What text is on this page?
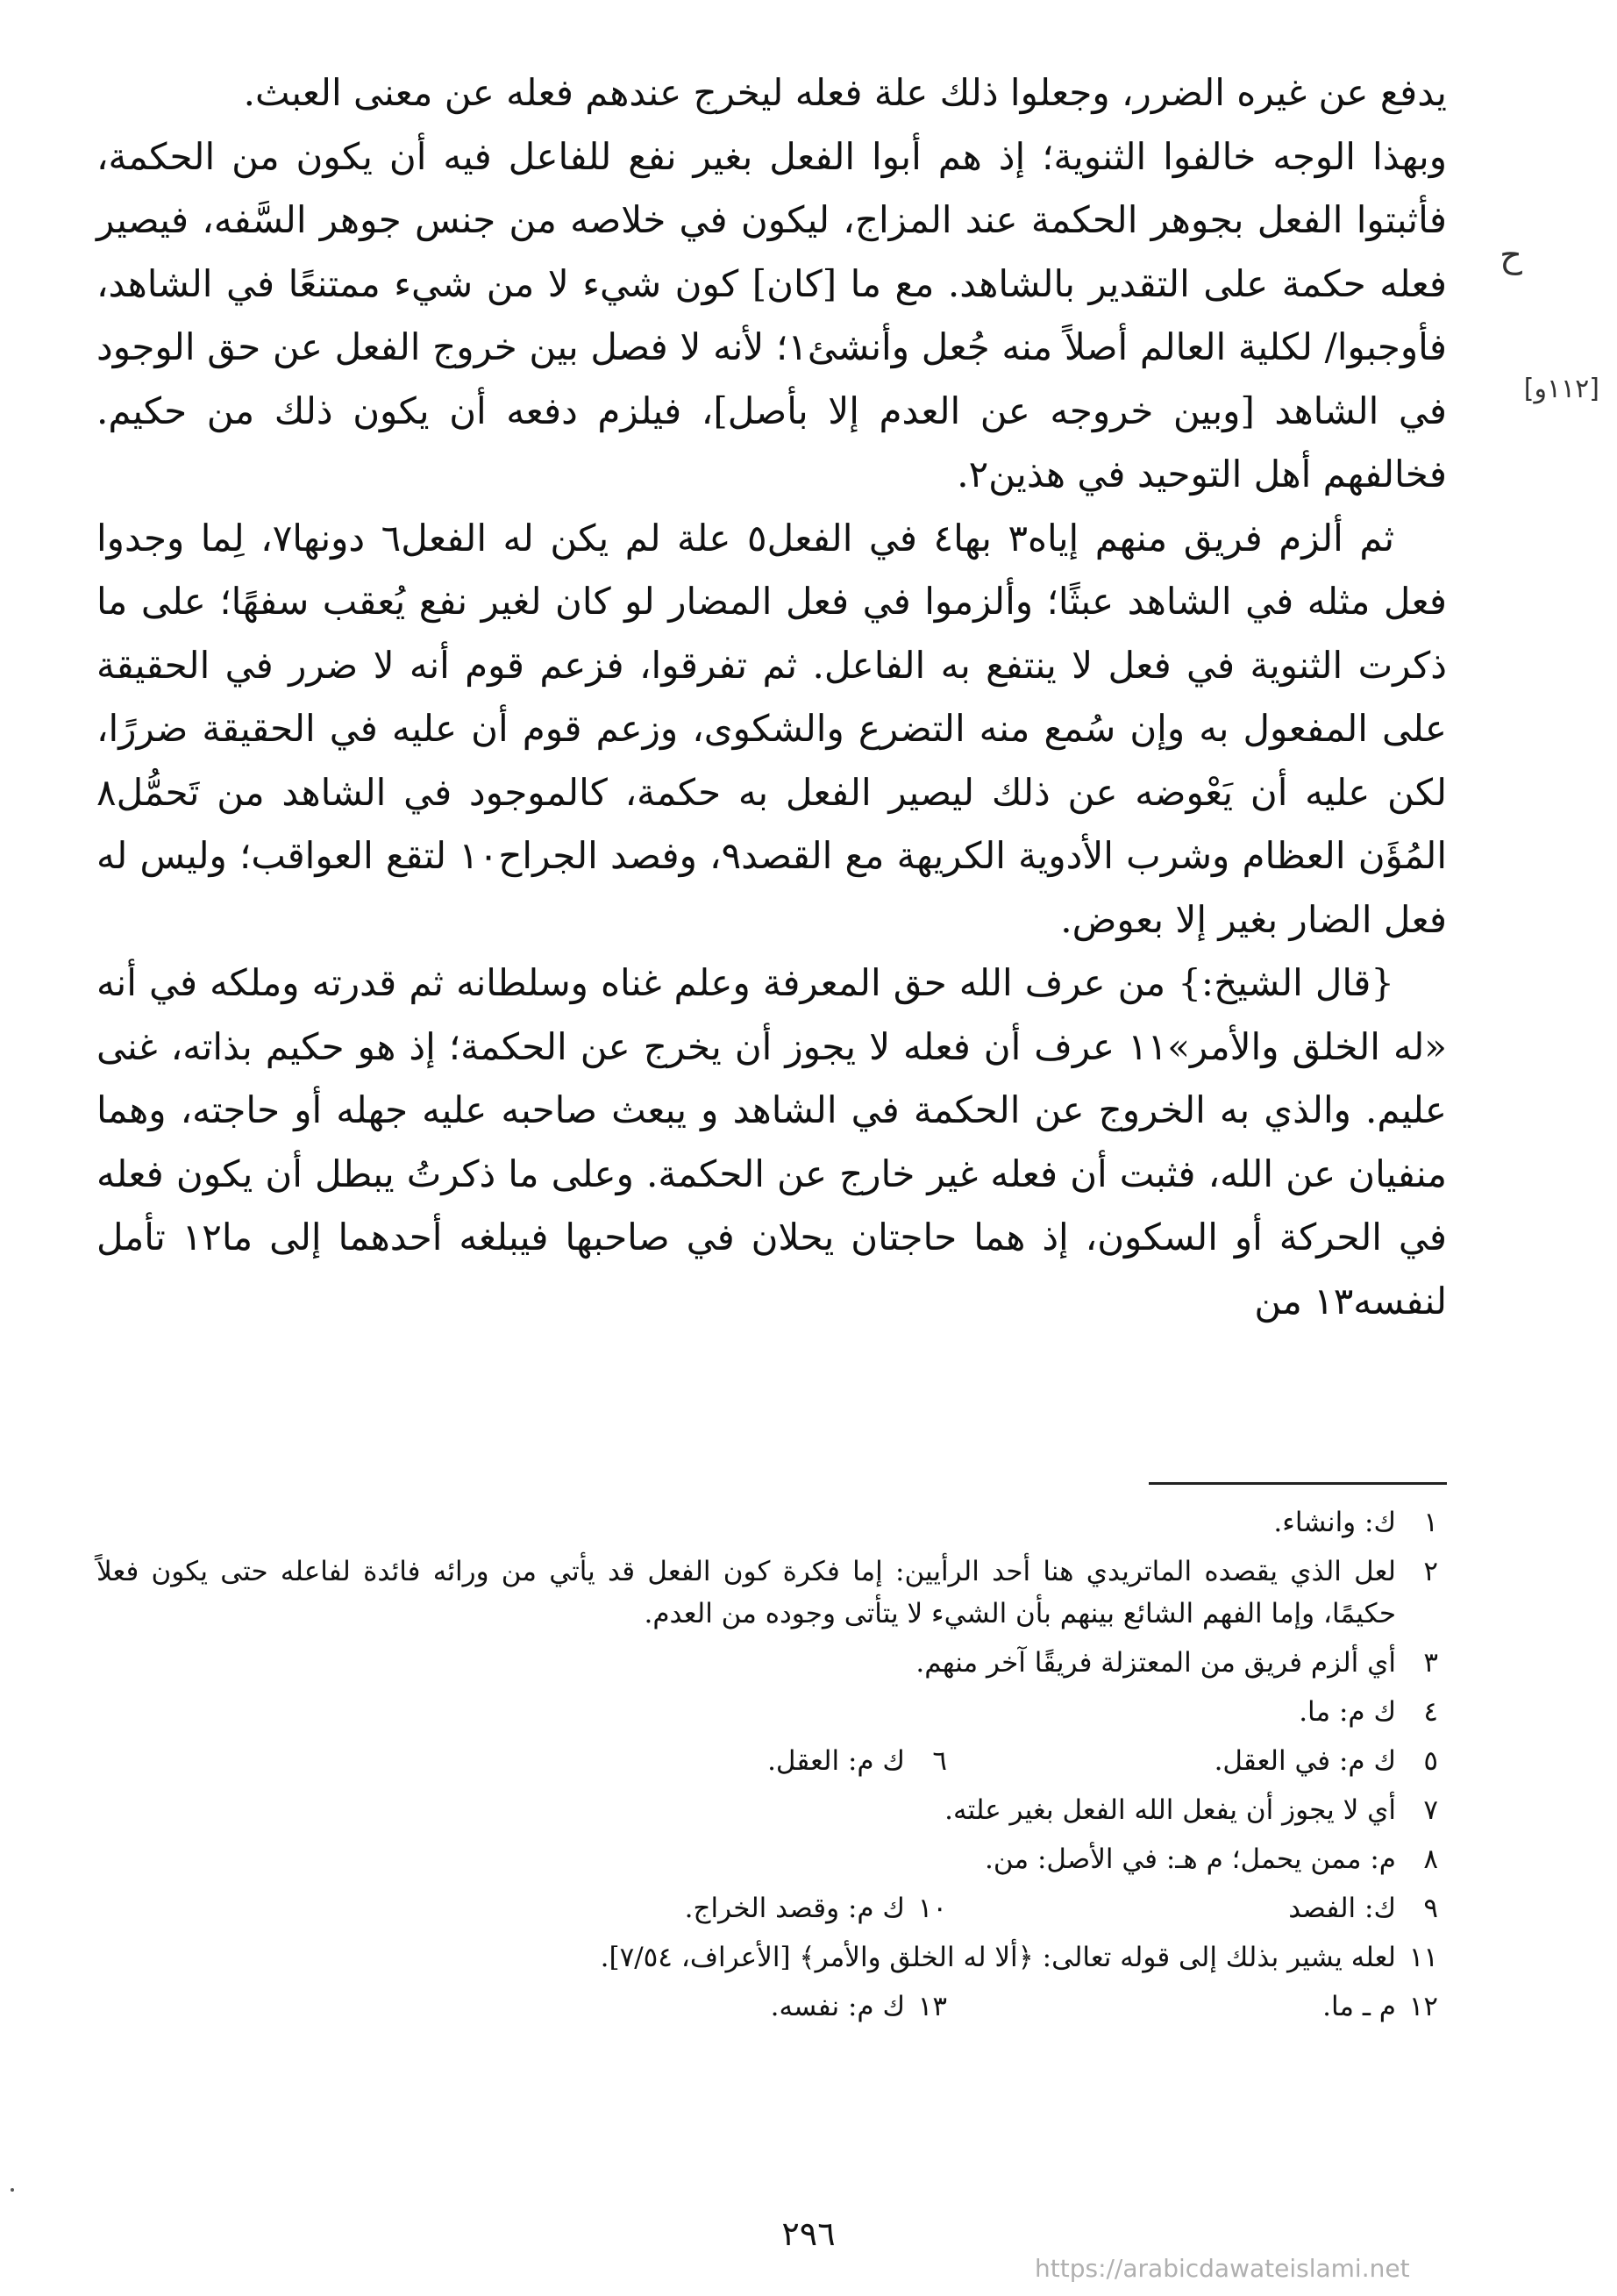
يدفع عن غيره الضرر، وجعلوا ذلك علة فعله ليخرج عندهم فعله عن معنى العبث.

وبهذا الوجه خالفوا الثنوية؛ إذ هم أبوا الفعل بغير نفع للفاعل فيه أن يكون من الحكمة، فأثبتوا الفعل بجوهر الحكمة عند المزاج، ليكون في خلاصه من جنس جوهر السَّفه، فيصير فعله حكمة على التقدير بالشاهد. مع ما [كان] كون شيء لا من شيء ممتنعًا في الشاهد، فأوجبوا/ لكلية العالم أصلاً منه جُعل وأنشئ١؛ لأنه لا فصل بين خروج الفعل عن حق الوجود في الشاهد [وبين خروجه عن العدم إلا بأصل]، فيلزم دفعه أن يكون ذلك من حكيم. فخالفهم أهل التوحيد في هذين٢.

ثم ألزم فريق منهم إياه٣ بها٤ في الفعل٥ علة لم يكن له الفعل٦ دونها٧، لِما وجدوا فعل مثله في الشاهد عبثًا؛ وألزموا في فعل المضار لو كان لغير نفع يُعقب سفهًا؛ على ما ذكرت الثنوية في فعل لا ينتفع به الفاعل. ثم تفرقوا، فزعم قوم أنه لا ضرر في الحقيقة على المفعول به وإن سُمع منه التضرع والشكوى، وزعم قوم أن عليه في الحقيقة ضررًا، لكن عليه أن يَعْوضه عن ذلك ليصير الفعل به حكمة، كالموجود في الشاهد من تَحمُّل٨ المُؤَن العظام وشرب الأدوية الكريهة مع القصد٩، وفصد الجراح١٠ لتقع العواقب؛ وليس له فعل الضار بغير إلا بعوض.

{قال الشيخ:} من عرف الله حق المعرفة وعلم غناه وسلطانه ثم قدرته وملكه في أنه «له الخلق والأمر»١١ عرف أن فعله لا يجوز أن يخرج عن الحكمة؛ إذ هو حكيم بذاته، غنى عليم. والذي به الخروج عن الحكمة في الشاهد و يبعث صاحبه عليه جهله أو حاجته، وهما منفيان عن الله، فثبت أن فعله غير خارج عن الحكمة. وعلى ما ذكرتُ يبطل أن يكون فعله في الحركة أو السكون، إذ هما حاجتان يحلان في صاحبها فيبلغه أحدهما إلى ما١٢ تأمل لنفسه١٣ من

ح
[١١٢و]
١
ك: وانشاء.
٢
لعل الذي يقصده الماتريدي هنا أحد الرأيين: إما فكرة كون الفعل قد يأتي من ورائه فائدة لفاعله حتى يكون فعلاً حكيمًا، وإما الفهم الشائع بينهم بأن الشيء لا يتأتى وجوده من العدم.
٣
أي ألزم فريق من المعتزلة فريقًا آخر منهم.
٤
ك م: ما.
٥
ك م: في العقل.
٦
ك م: العقل.
٧
أي لا يجوز أن يفعل الله الفعل بغير علته.
٨
م: ممن يحمل؛ م هـ: في الأصل: من.
٩
ك: الفصد
١٠
ك م: وقصد الخراج.
١١
لعله يشير بذلك إلى قوله تعالى: ﴿ألا له الخلق والأمر﴾ [الأعراف، ٧/٥٤].
١٢
م ـ ما.
١٣
ك م: نفسه.
٢٩٦
https://arabicdawateislami.net
